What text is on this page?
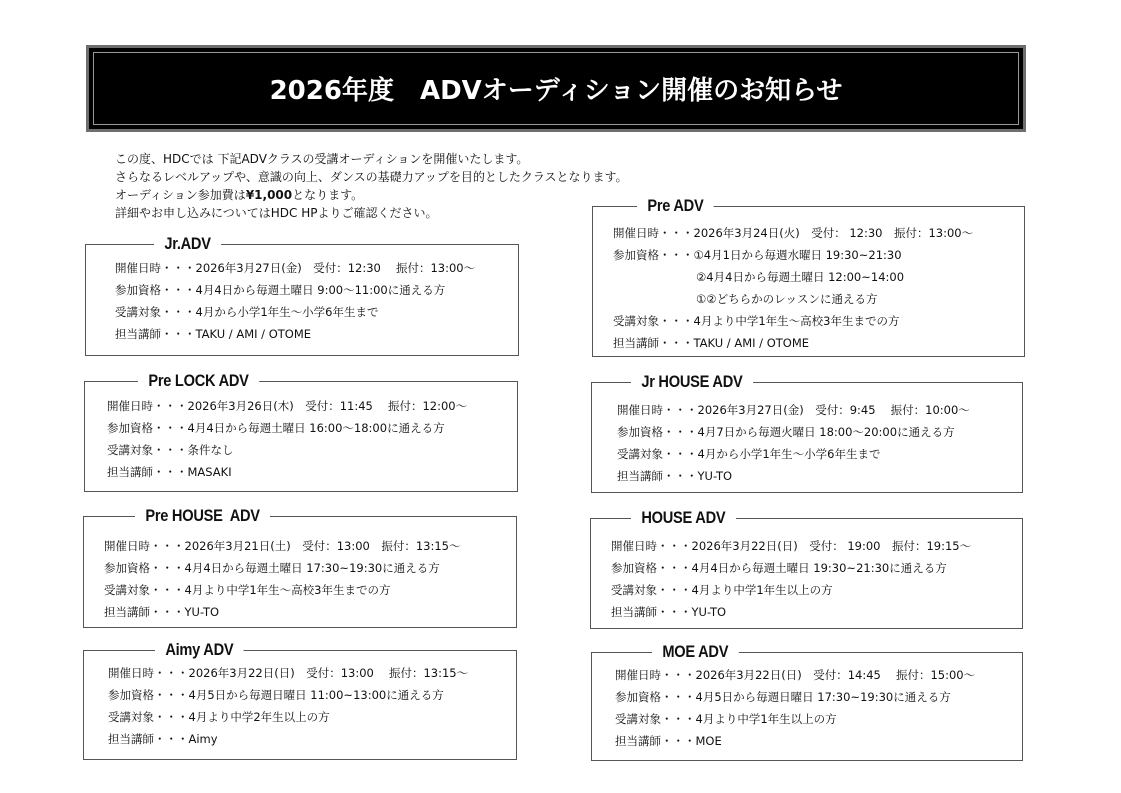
2026年度　ADVオーディション開催のお知らせ
この度、HDCでは 下記ADVクラスの受講オーディションを開催いたします。
さらなるレベルアップや、意識の向上、ダンスの基礎力アップを目的としたクラスとなります。
オーディション参加費は¥1,000となります。
詳細やお申し込みについてはHDC HPよりご確認ください。
Jr.ADV
開催日時・・・2026年3月27日(金)　受付：12:30　 振付：13:00〜
参加資格・・・4月4日から毎週土曜日 9:00〜11:00に通える方
受講対象・・・4月から小学1年生〜小学6年生まで
担当講師・・・TAKU / AMI / OTOME
Pre ADV
開催日時・・・2026年3月24日(火)　受付： 12:30　振付：13:00〜
参加資格・・・①4月1日から毎週水曜日 19:30~21:30
②4月4日から毎週土曜日 12:00~14:00
①②どちらかのレッスンに通える方
受講対象・・・4月より中学1年生〜高校3年生までの方
担当講師・・・TAKU / AMI / OTOME
Pre LOCK ADV
開催日時・・・2026年3月26日(木)　受付：11:45　 振付：12:00〜
参加資格・・・4月4日から毎週土曜日 16:00〜18:00に通える方
受講対象・・・条件なし
担当講師・・・MASAKI
Jr HOUSE ADV
開催日時・・・2026年3月27日(金)　受付：9:45　 振付：10:00〜
参加資格・・・4月7日から毎週火曜日 18:00〜20:00に通える方
受講対象・・・4月から小学1年生〜小学6年生まで
担当講師・・・YU-TO
Pre HOUSE  ADV
開催日時・・・2026年3月21日(土)　受付：13:00　振付：13:15〜
参加資格・・・4月4日から毎週土曜日 17:30~19:30に通える方
受講対象・・・4月より中学1年生〜高校3年生までの方
担当講師・・・YU-TO
HOUSE ADV
開催日時・・・2026年3月22日(日)　受付： 19:00　振付：19:15〜
参加資格・・・4月4日から毎週土曜日 19:30~21:30に通える方
受講対象・・・4月より中学1年生以上の方
担当講師・・・YU-TO
Aimy ADV
開催日時・・・2026年3月22日(日)　受付：13:00　 振付：13:15〜
参加資格・・・4月5日から毎週日曜日 11:00~13:00に通える方
受講対象・・・4月より中学2年生以上の方
担当講師・・・Aimy
MOE ADV
開催日時・・・2026年3月22日(日)　受付：14:45　 振付：15:00〜
参加資格・・・4月5日から毎週日曜日 17:30~19:30に通える方
受講対象・・・4月より中学1年生以上の方
担当講師・・・MOE
